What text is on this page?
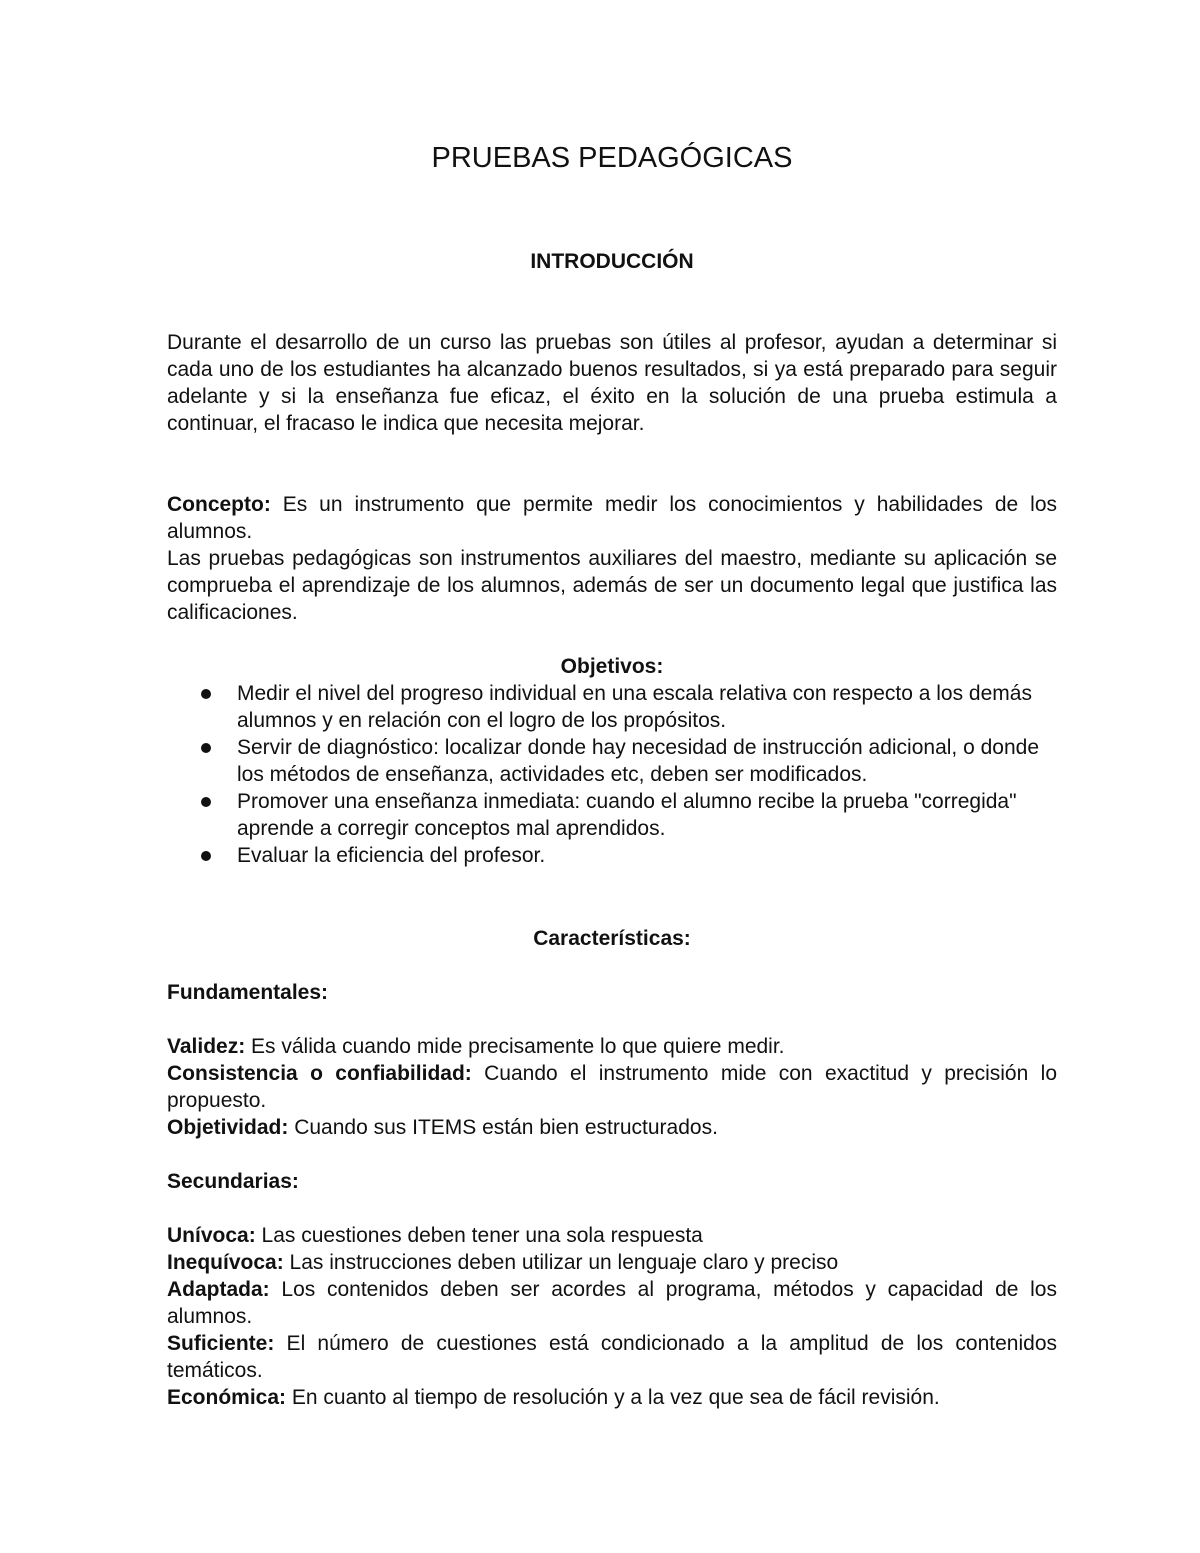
PRUEBAS PEDAGÓGICAS
INTRODUCCIÓN

Durante el desarrollo de un curso las pruebas son útiles al profesor, ayudan a determinar si cada uno de los estudiantes ha alcanzado buenos resultados, si ya está preparado para seguir adelante y si la enseñanza fue eficaz, el éxito en la solución de una prueba estimula a continuar, el fracaso le indica que necesita mejorar.

Concepto: Es un instrumento que permite medir los conocimientos y habilidades de los alumnos.

Las pruebas pedagógicas son instrumentos auxiliares del maestro, mediante su aplicación se comprueba el aprendizaje de los alumnos, además de ser un documento legal que justifica las calificaciones.

Objetivos:
Medir el nivel del progreso individual en una escala relativa con respecto a los demás alumnos y en relación con el logro de los propósitos.
Servir de diagnóstico: localizar donde hay necesidad de instrucción adicional, o donde los métodos de enseñanza, actividades etc, deben ser modificados.
Promover una enseñanza inmediata: cuando el alumno recibe la prueba "corregida" aprende a corregir conceptos mal aprendidos.
Evaluar la eficiencia del profesor.
Características:
Fundamentales:

Validez: Es válida cuando mide precisamente lo que quiere medir.

Consistencia o confiabilidad: Cuando el instrumento mide con exactitud y precisión lo propuesto.

Objetividad: Cuando sus ITEMS están bien estructurados.

Secundarias:

Unívoca: Las cuestiones deben tener una sola respuesta

Inequívoca: Las instrucciones deben utilizar un lenguaje claro y preciso

Adaptada: Los contenidos deben ser acordes al programa, métodos y capacidad de los alumnos.

Suficiente: El número de cuestiones está condicionado a la amplitud de los contenidos temáticos.

Económica: En cuanto al tiempo de resolución y a la vez que sea de fácil revisión.
